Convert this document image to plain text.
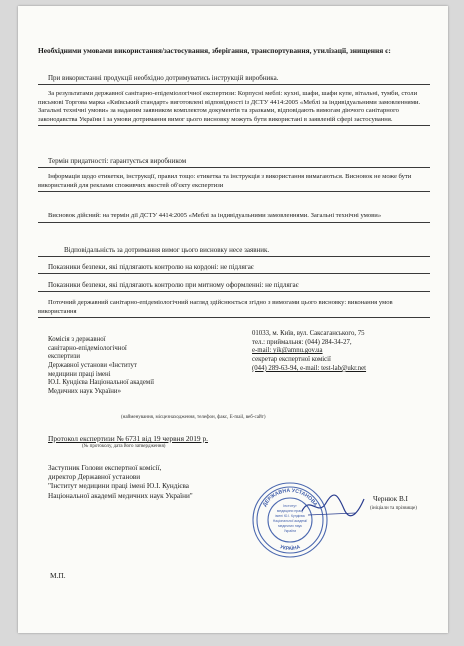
Необхідними умовами використання/застосування, зберігання, транспортування, утилізації, знищення є:
При використанні продукції необхідно дотримуватись інструкцій виробника.
За результатами державної санітарно-епідеміологічної експертизи: Корпусні меблі: кухні, шафи, шафи купе, вітальні, тумби, столи письмові Торгова марка «Київський стандарт» виготовлені відповідності із ДСТУ 4414:2005 «Меблі за індивідуальними замовленнями. Загальні технічні умови» за наданим заявником комплектом документів та зразками, відповідають вимогам діючого санітарного законодавства України і за умови дотримання вимог цього висновку можуть бути використані в заявленій сфері застосування.
Термін придатності: гарантується виробником
Інформація щодо етикетки, інструкції, правил тощо: етикетка та інструкція з використання вимагаються. Висновок не може бути використаний для реклами споживчих якостей об'єкту експертизи
Висновок дійсний: на термін дії ДСТУ 4414:2005 «Меблі за індивідуальними замовленнями. Загальні технічні умови»
Відповідальність за дотримання вимог цього висновку несе заявник.
Показники безпеки, які підлягають контролю на кордоні: не підлягає
Показники безпеки, які підлягають контролю при митному оформленні: не підлягає
Поточний державний санітарно-епідеміологічний нагляд здійснюється згідно з вимогами цього висновку: виконання умов використання
Комісія з державної
санітарно-епідеміологічної
експертизи
Державної установи «Інститут
медицини праці імені
Ю.І. Кундієва Національної академії
Медичних наук України»
01033, м. Київ, вул. Саксаганського, 75
тел.: приймальня: (044) 284-34-27,
e-mail: yik@amnu.gov.ua
секретар експертної комісії
(044) 289-63-94, e-mail: test-lab@ukr.net
(найменування, місцезнаходження, телефон, факс, E-mail, веб-сайт)
Протокол експертизи № 6731 від 19 червня 2019 р.
(№ протоколу, дата його затвердження)
Заступник Голови експертної комісії,
директор Державної установи
"Інститут медицини праці імені Ю.І. Кундієва
Національної академії медичних наук України"	Чернюк В.І
(ініціали та прізвище)
ДЕРЖАВНА УСТАНОВА
УКРАЇНА
Інститут
медицини праці
імені Ю.І. Кундієва
Національної академії
медичних наук
України
М.П.
